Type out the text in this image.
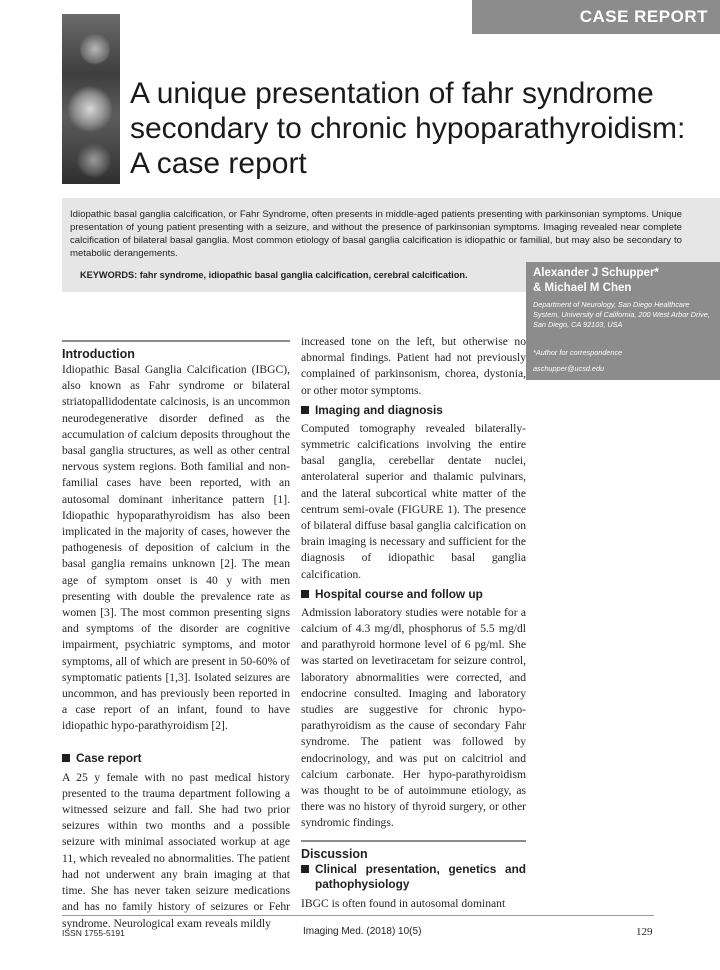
CASE REPORT
A unique presentation of fahr syndrome secondary to chronic hypoparathyroidism: A case report

Idiopathic basal ganglia calcification, or Fahr Syndrome, often presents in middle-aged patients presenting with parkinsonian symptoms. Unique presentation of young patient presenting with a seizure, and without the presence of parkinsonian symptoms. Imaging revealed near complete calcification of bilateral basal ganglia. Most common etiology of basal ganglia calcification is idiopathic or familial, but may also be secondary to metabolic derangements.

KEYWORDS: fahr syndrome, idiopathic basal ganglia calcification, cerebral calcification.	Alexander J Schupper*
& Michael M Chen
Department of Neurology, San Diego Healthcare System, University of California, 200 West Arbor Drive, San Diego, CA 92103, USA
*Author for correspondence
aschupper@ucsd.edu
Introduction

Idiopathic Basal Ganglia Calcification (IBGC), also known as Fahr syndrome or bilateral striatopallidodentate calcinosis, is an uncommon neurodegenerative disorder defined as the accumulation of calcium deposits throughout the basal ganglia structures, as well as other central nervous system regions. Both familial and non-familial cases have been reported, with an autosomal dominant inheritance pattern [1]. Idiopathic hypoparathyroidism has also been implicated in the majority of cases, however the pathogenesis of deposition of calcium in the basal ganglia remains unknown [2]. The mean age of symptom onset is 40 y with men presenting with double the prevalence rate as women [3]. The most common presenting signs and symptoms of the disorder are cognitive impairment, psychiatric symptoms, and motor symptoms, all of which are present in 50-60% of symptomatic patients [1,3]. Isolated seizures are uncommon, and has previously been reported in a case report of an infant, found to have idiopathic hypo-parathyroidism [2].

Case report

A 25 y female with no past medical history presented to the trauma department following a witnessed seizure and fall. She had two prior seizures within two months and a possible seizure with minimal associated workup at age 11, which revealed no abnormalities. The patient had not underwent any brain imaging at that time. She has never taken seizure medications and has no family history of seizures or Fehr syndrome. Neurological exam reveals mildly

increased tone on the left, but otherwise no abnormal findings. Patient had not previously complained of parkinsonism, chorea, dystonia, or other motor symptoms.

Imaging and diagnosis

Computed tomography revealed bilaterally-symmetric calcifications involving the entire basal ganglia, cerebellar dentate nuclei, anterolateral superior and thalamic pulvinars, and the lateral subcortical white matter of the centrum semi-ovale (FIGURE 1). The presence of bilateral diffuse basal ganglia calcification on brain imaging is necessary and sufficient for the diagnosis of idiopathic basal ganglia calcification.

Hospital course and follow up

Admission laboratory studies were notable for a calcium of 4.3 mg/dl, phosphorus of 5.5 mg/dl and parathyroid hormone level of 6 pg/ml. She was started on levetiracetam for seizure control, laboratory abnormalities were corrected, and endocrine consulted. Imaging and laboratory studies are suggestive for chronic hypo-parathyroidism as the cause of secondary Fahr syndrome. The patient was followed by endocrinology, and was put on calcitriol and calcium carbonate. Her hypo-parathyroidism was thought to be of autoimmune etiology, as there was no history of thyroid surgery, or other syndromic findings.

Discussion
Clinical presentation, genetics and pathophysiology

IBGC is often found in autosomal dominant

ISSN 1755-5191	Imaging Med. (2018) 10(5)	129
